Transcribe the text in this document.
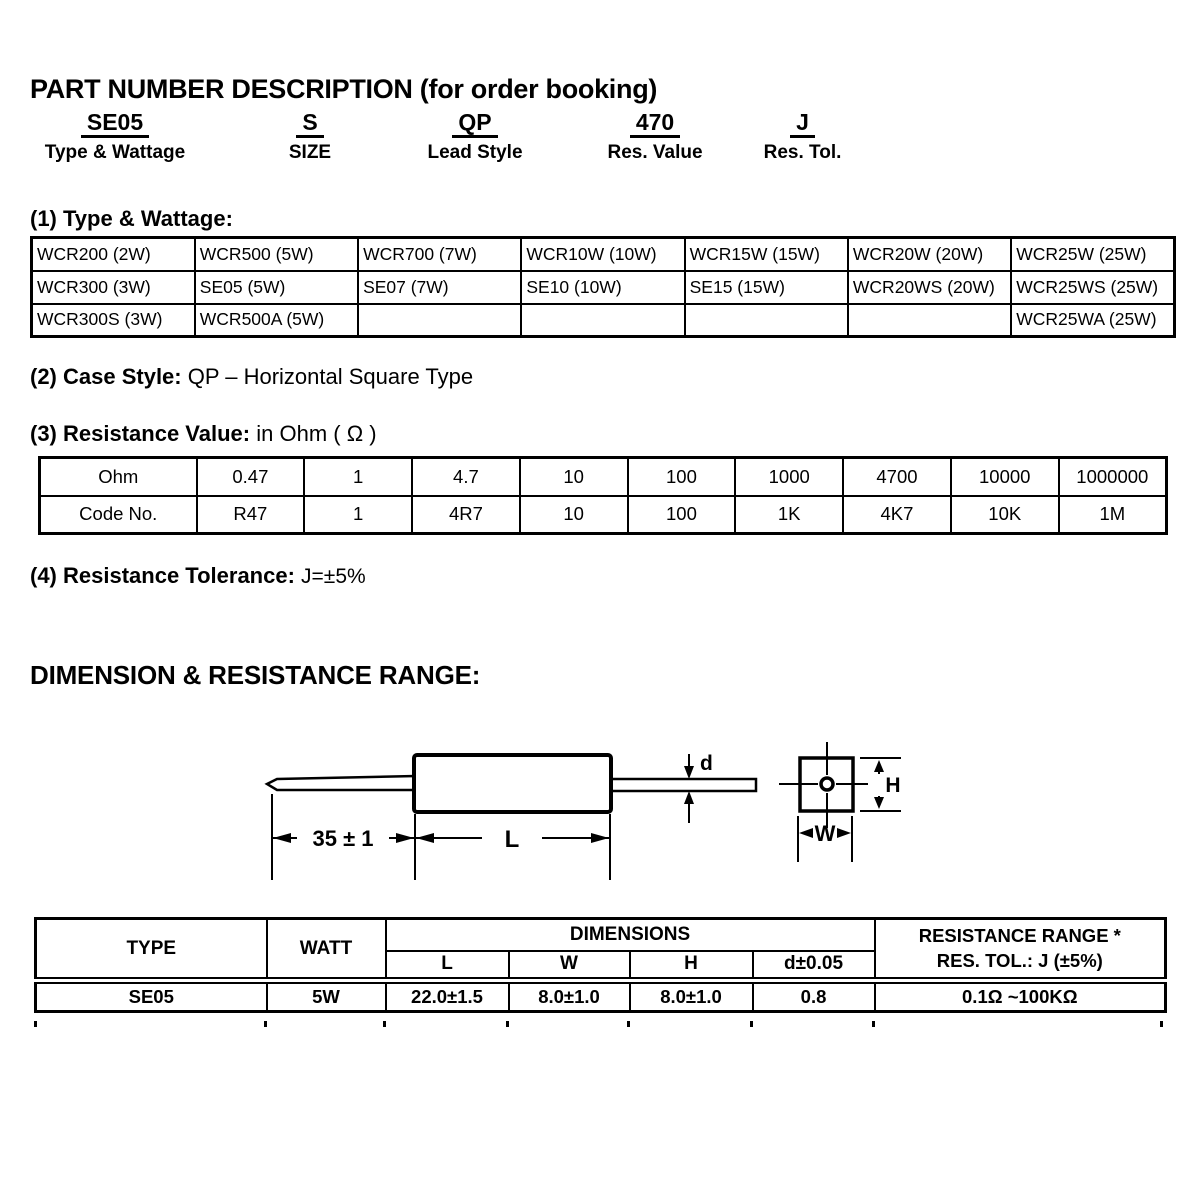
PART NUMBER DESCRIPTION (for order booking)
SE05
Type & Wattage
S
SIZE
QP
Lead Style
470
Res. Value
J
Res. Tol.
(1) Type & Wattage:
WCR200 (2W)	WCR500 (5W)	WCR700 (7W)	WCR10W (10W)	WCR15W (15W)	WCR20W (20W)	WCR25W (25W)
WCR300 (3W)	SE05 (5W)	SE07 (7W)	SE10 (10W)	SE15 (15W)	WCR20WS (20W)	WCR25WS (25W)
WCR300S (3W)	WCR500A (5W)					WCR25WA (25W)
(2) Case Style: QP – Horizontal Square Type
(3) Resistance Value: in Ohm ( Ω )
Ohm	0.47	1	4.7	10	100	1000	4700	10000	1000000
Code No.	R47	1	4R7	10	100	1K	4K7	10K	1M
(4) Resistance Tolerance: J=±5%
DIMENSION & RESISTANCE RANGE:
d
35 ± 1	L
H
W
TYPE	WATT	DIMENSIONS				RESISTANCE RANGE *
RES. TOL.: J (±5%)

		L	W	H	d±0.05	
SE05	5W	22.0±1.5	8.0±1.0	8.0±1.0	0.8	0.1Ω ~100KΩ
